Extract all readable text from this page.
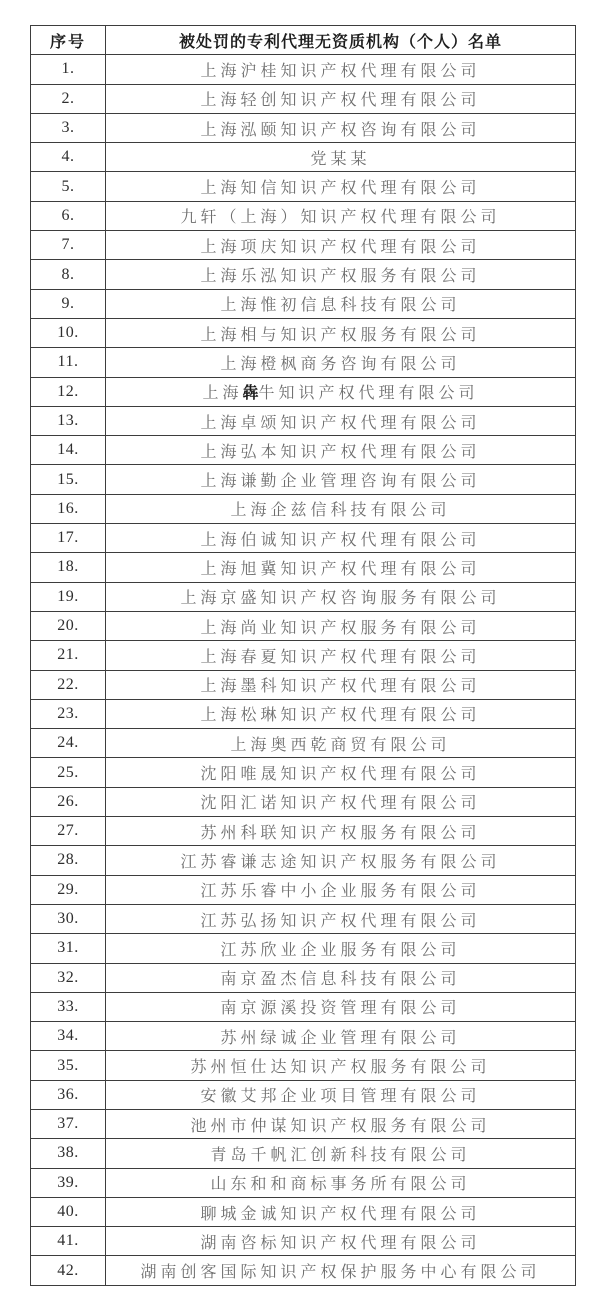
序号	被处罚的专利代理无资质机构（个人）名单
1.	上海沪桂知识产权代理有限公司
2.	上海轻创知识产权代理有限公司
3.	上海泓颐知识产权咨询有限公司
4.	党某某
5.	上海知信知识产权代理有限公司
6.	九轩（上海）知识产权代理有限公司
7.	上海项庆知识产权代理有限公司
8.	上海乐泓知识产权服务有限公司
9.	上海惟初信息科技有限公司
10.	上海相与知识产权服务有限公司
11.	上海橙枫商务咨询有限公司
12.	上海犇牛知识产权代理有限公司
13.	上海卓颂知识产权代理有限公司
14.	上海弘本知识产权代理有限公司
15.	上海谦勤企业管理咨询有限公司
16.	上海企兹信科技有限公司
17.	上海伯诚知识产权代理有限公司
18.	上海旭冀知识产权代理有限公司
19.	上海京盛知识产权咨询服务有限公司
20.	上海尚业知识产权服务有限公司
21.	上海春夏知识产权代理有限公司
22.	上海墨科知识产权代理有限公司
23.	上海松琳知识产权代理有限公司
24.	上海奥西乾商贸有限公司
25.	沈阳唯晟知识产权代理有限公司
26.	沈阳汇诺知识产权代理有限公司
27.	苏州科联知识产权服务有限公司
28.	江苏睿谦志途知识产权服务有限公司
29.	江苏乐睿中小企业服务有限公司
30.	江苏弘扬知识产权代理有限公司
31.	江苏欣业企业服务有限公司
32.	南京盈杰信息科技有限公司
33.	南京源溪投资管理有限公司
34.	苏州绿诚企业管理有限公司
35.	苏州恒仕达知识产权服务有限公司
36.	安徽艾邦企业项目管理有限公司
37.	池州市仲谋知识产权服务有限公司
38.	青岛千帆汇创新科技有限公司
39.	山东和和商标事务所有限公司
40.	聊城金诚知识产权代理有限公司
41.	湖南咨标知识产权代理有限公司
42.	湖南创客国际知识产权保护服务中心有限公司
